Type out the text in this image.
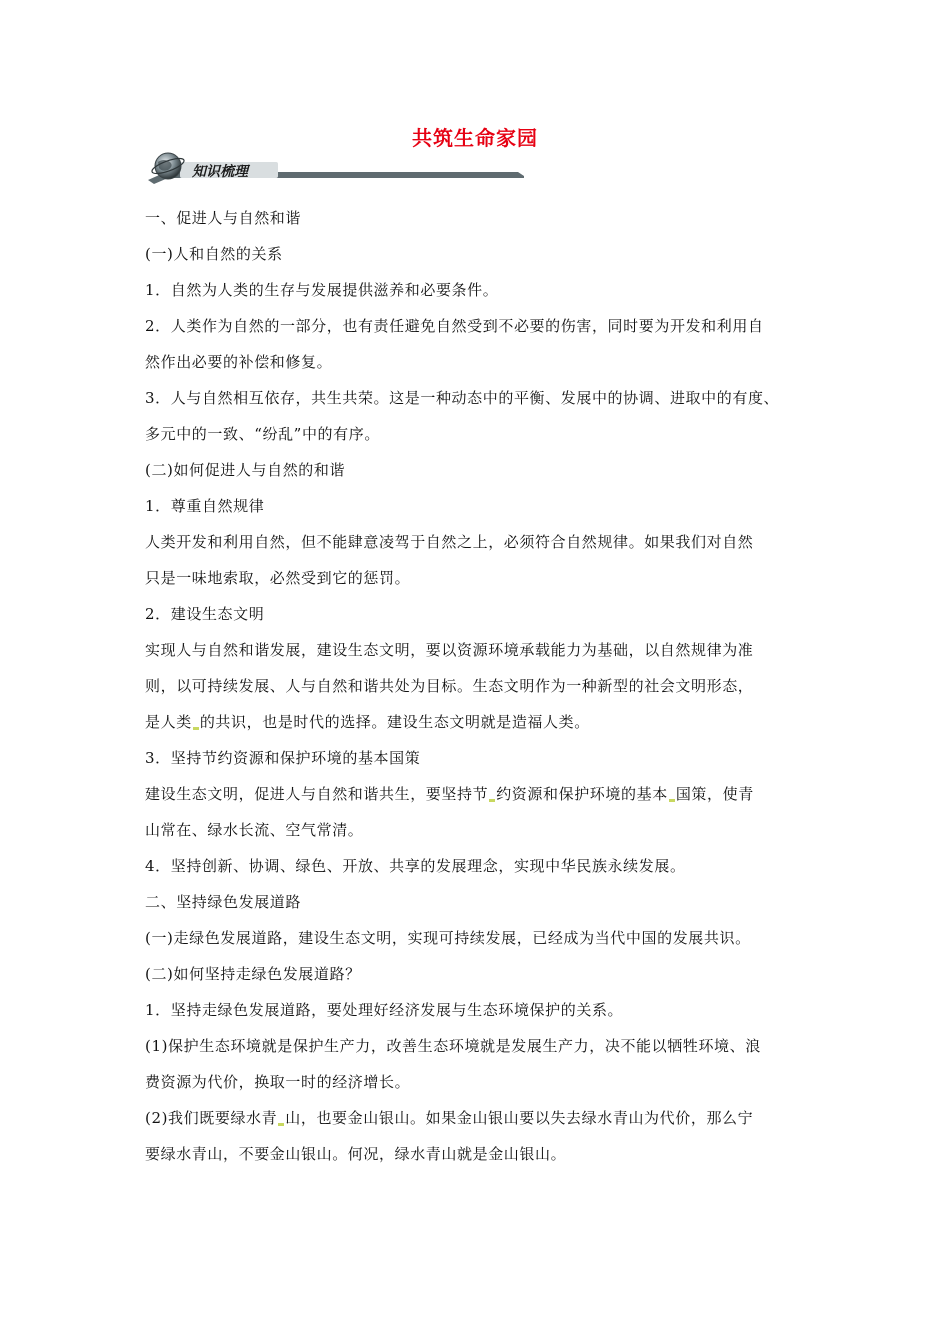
共筑生命家园
知识梳理
一、促进人与自然和谐
(一)人和自然的关系
1．自然为人类的生存与发展提供滋养和必要条件。
2．人类作为自然的一部分，也有责任避免自然受到不必要的伤害，同时要为开发和利用自
然作出必要的补偿和修复。
3．人与自然相互依存，共生共荣。这是一种动态中的平衡、发展中的协调、进取中的有度、
多元中的一致、“纷乱”中的有序。
(二)如何促进人与自然的和谐
1．尊重自然规律
人类开发和利用自然，但不能肆意凌驾于自然之上，必须符合自然规律。如果我们对自然
只是一味地索取，必然受到它的惩罚。
2．建设生态文明
实现人与自然和谐发展，建设生态文明，要以资源环境承载能力为基础，以自然规律为准
则，以可持续发展、人与自然和谐共处为目标。生态文明作为一种新型的社会文明形态，
是人类 的共识，也是时代的选择。建设生态文明就是造福人类。
3．坚持节约资源和保护环境的基本国策
建设生态文明，促进人与自然和谐共生，要坚持节 约资源和保护环境的基本 国策，使青
山常在、绿水长流、空气常清。
4．坚持创新、协调、绿色、开放、共享的发展理念，实现中华民族永续发展。
二、坚持绿色发展道路
(一)走绿色发展道路，建设生态文明，实现可持续发展，已经成为当代中国的发展共识。
(二)如何坚持走绿色发展道路？
1．坚持走绿色发展道路，要处理好经济发展与生态环境保护的关系。
(1)保护生态环境就是保护生产力，改善生态环境就是发展生产力，决不能以牺牲环境、浪
费资源为代价，换取一时的经济增长。
(2)我们既要绿水青 山，也要金山银山。如果金山银山要以失去绿水青山为代价，那么宁
要绿水青山，不要金山银山。何况，绿水青山就是金山银山。
